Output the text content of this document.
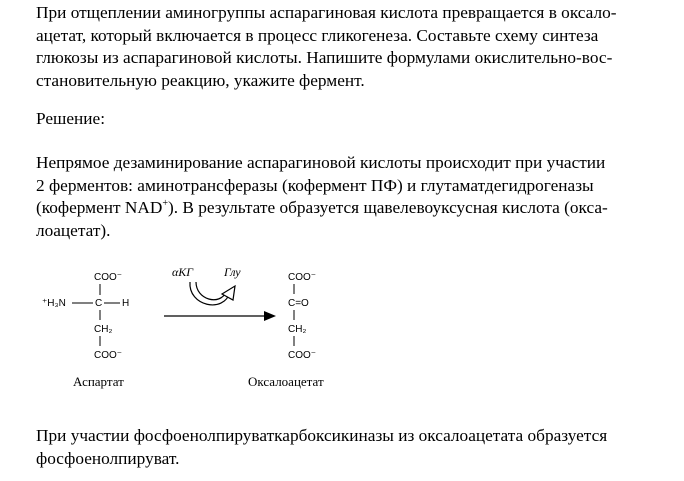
При отщеплении аминогруппы аспарагиновая кислота превращается в оксало-
ацетат, который включается в процесс гликогенеза. Составьте схему синтеза
глюкозы из аспарагиновой кислоты. Напишите формулами окислительно-вос-
становительную реакцию, укажите фермент.
Решение:
Непрямое дезаминирование аспарагиновой кислоты происходит при участии
2 ферментов: аминотрансферазы (кофермент ПФ) и глутаматдегидрогеназы
(кофермент NAD+). В результате образуется щавелевоуксусная кислота (окса-
лоацетат).
COO⁻
⁺H₃N	C H
CH₂
COO⁻
Аспартат
αКГ	Глу	COO⁻
C=O
CH₂
COO⁻
Оксалоацетат
При участии фосфоенолпируваткарбоксикиназы из оксалоацетата образуется
фосфоенолпируват.
